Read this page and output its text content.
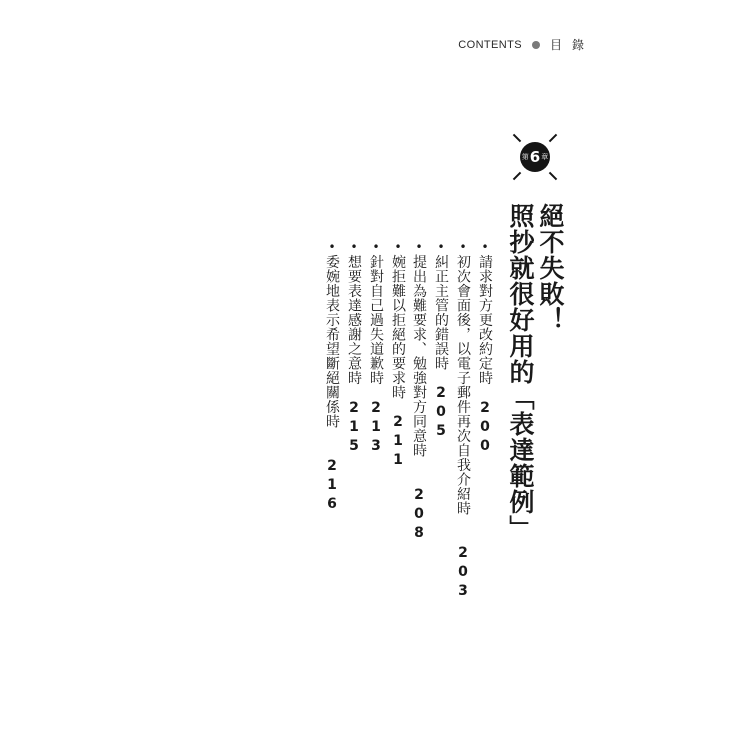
CONTENTS 目錄
第 6 章
絕不失敗！
照抄就很好用的「表達範例」
•請求對方更改約定時　200
•初次會面後，以電子郵件再次自我介紹時　　203
•糾正主管的錯誤時　205
•提出為難要求、勉強對方同意時　　208
•婉拒難以拒絕的要求時　211
•針對自己過失道歉時　213
•想要表達感謝之意時　215
•委婉地表示希望斷絕關係時　　216
